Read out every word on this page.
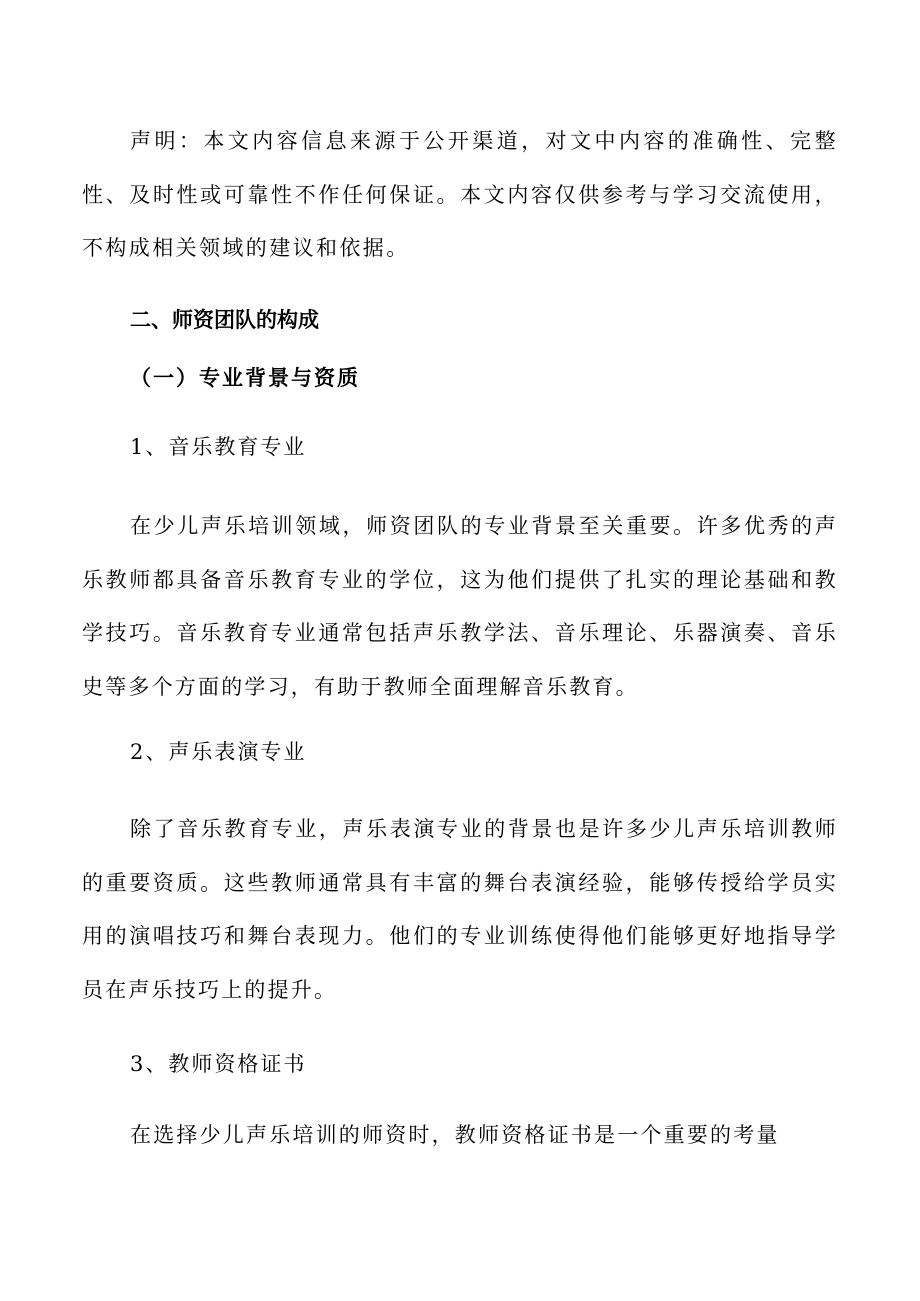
声明：本文内容信息来源于公开渠道，对文中内容的准确性、完整性、及时性或可靠性不作任何保证。本文内容仅供参考与学习交流使用，不构成相关领域的建议和依据。

二、师资团队的构成
（一）专业背景与资质
1、音乐教育专业

在少儿声乐培训领域，师资团队的专业背景至关重要。许多优秀的声乐教师都具备音乐教育专业的学位，这为他们提供了扎实的理论基础和教学技巧。音乐教育专业通常包括声乐教学法、音乐理论、乐器演奏、音乐史等多个方面的学习，有助于教师全面理解音乐教育。

2、声乐表演专业

除了音乐教育专业，声乐表演专业的背景也是许多少儿声乐培训教师的重要资质。这些教师通常具有丰富的舞台表演经验，能够传授给学员实用的演唱技巧和舞台表现力。他们的专业训练使得他们能够更好地指导学员在声乐技巧上的提升。

3、教师资格证书

在选择少儿声乐培训的师资时，教师资格证书是一个重要的考量
